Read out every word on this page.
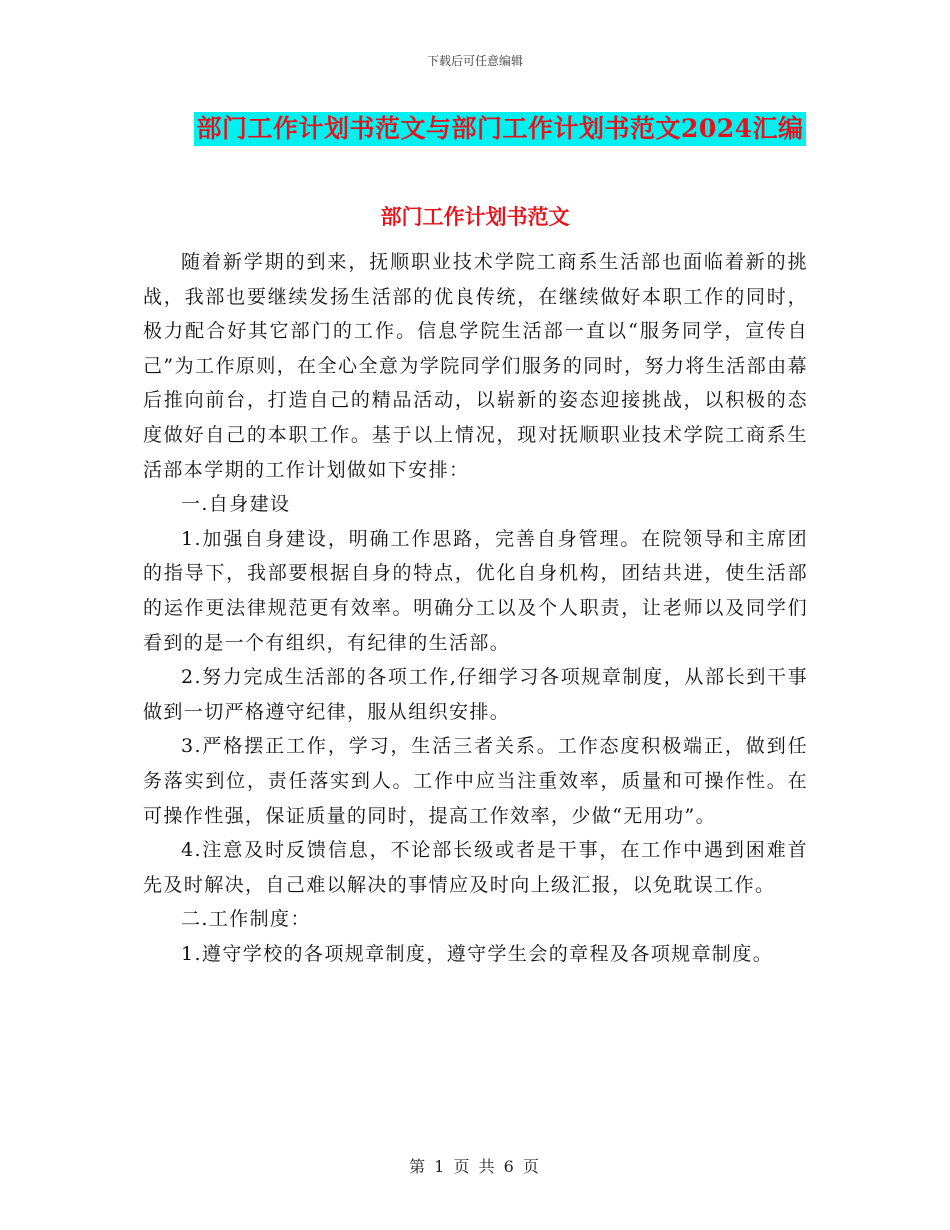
下载后可任意编辑
部门工作计划书范文与部门工作计划书范文2024汇编
部门工作计划书范文

随着新学期的到来，抚顺职业技术学院工商系生活部也面临着新的挑战，我部也要继续发扬生活部的优良传统，在继续做好本职工作的同时，极力配合好其它部门的工作。信息学院生活部一直以“服务同学，宣传自己”为工作原则，在全心全意为学院同学们服务的同时，努力将生活部由幕后推向前台，打造自己的精品活动，以崭新的姿态迎接挑战，以积极的态度做好自己的本职工作。基于以上情况，现对抚顺职业技术学院工商系生活部本学期的工作计划做如下安排：

一.自身建设

1.加强自身建设，明确工作思路，完善自身管理。在院领导和主席团的指导下，我部要根据自身的特点，优化自身机构，团结共进，使生活部的运作更法律规范更有效率。明确分工以及个人职责，让老师以及同学们看到的是一个有组织，有纪律的生活部。

2.努力完成生活部的各项工作,仔细学习各项规章制度，从部长到干事做到一切严格遵守纪律，服从组织安排。

3.严格摆正工作，学习，生活三者关系。工作态度积极端正，做到任务落实到位，责任落实到人。工作中应当注重效率，质量和可操作性。在可操作性强，保证质量的同时，提高工作效率，少做“无用功”。

4.注意及时反馈信息，不论部长级或者是干事，在工作中遇到困难首先及时解决，自己难以解决的事情应及时向上级汇报，以免耽误工作。

二.工作制度：

1.遵守学校的各项规章制度，遵守学生会的章程及各项规章制度。

第 1 页 共 6 页
